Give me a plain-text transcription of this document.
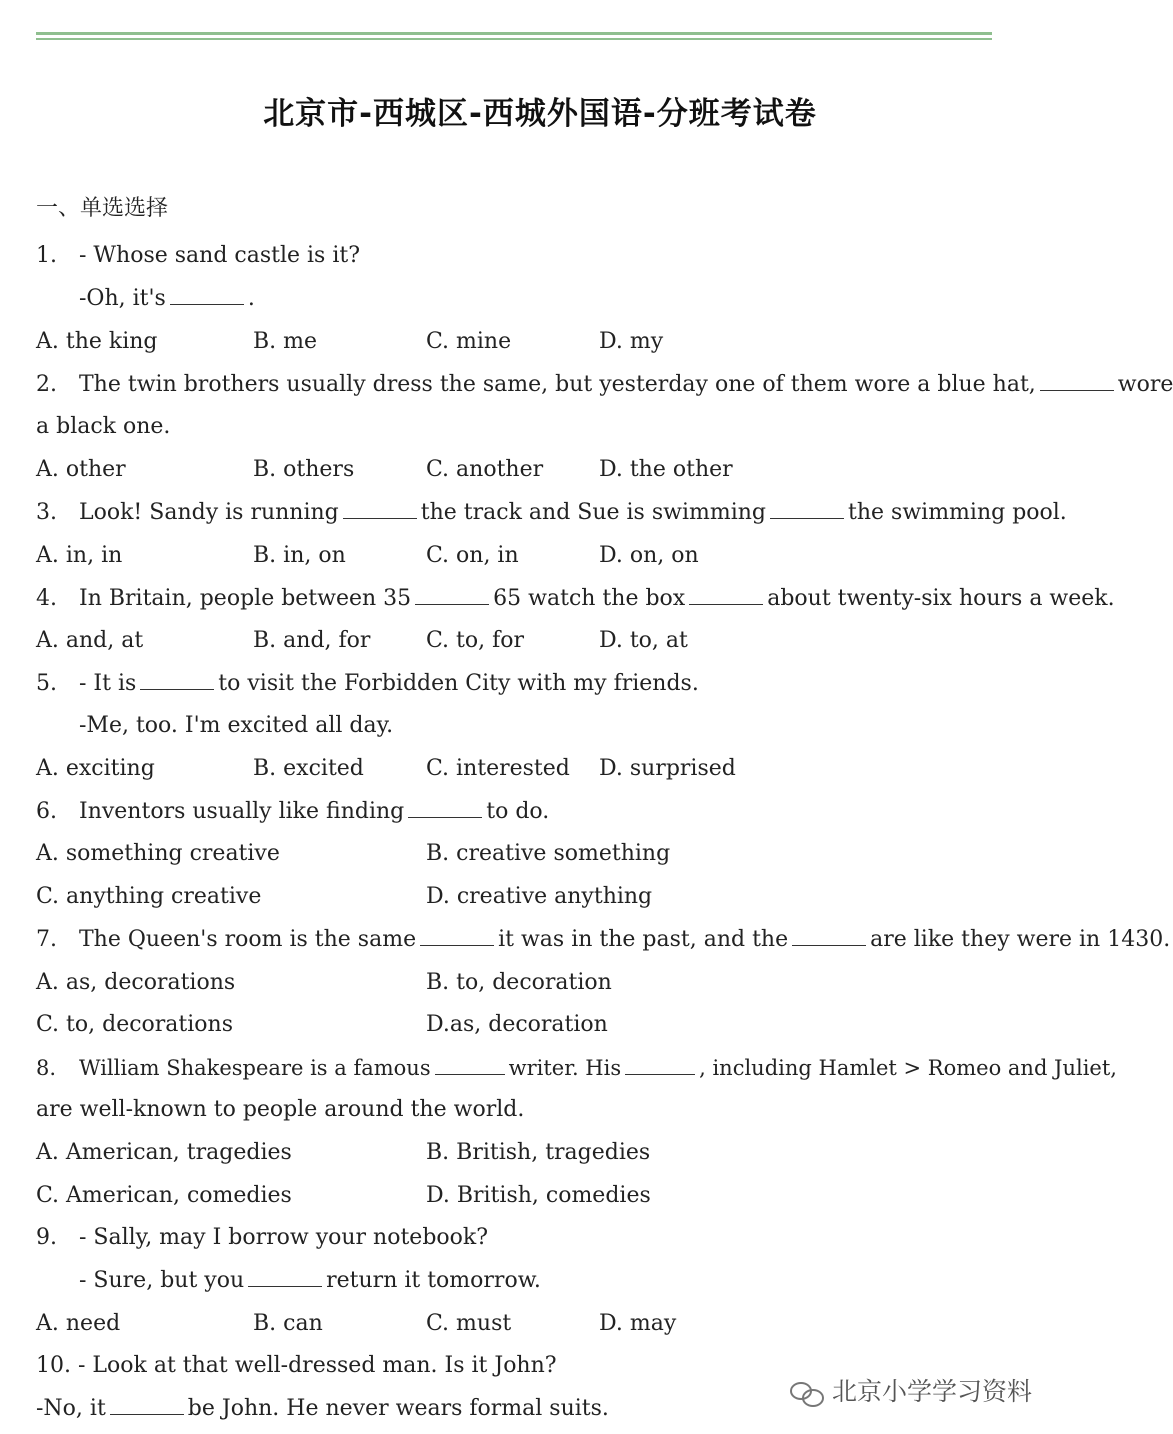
北京市-西城区-西城外国语-分班考试卷
一、单选选择
1. - Whose sand castle is it?
-Oh, it's	.
A. the king	B. me	C. mine	D. my
2. The twin brothers usually dress the same, but yesterday one of them wore a blue hat,	wore
a black one.
A. other	B. others	C. another	D. the other
3. Look! Sandy is running	the track and Sue is swimming	the swimming pool.
A. in, in	B. in, on	C. on, in	D. on, on
4. In Britain, people between 35	65 watch the box	about twenty-six hours a week.
A. and, at	B. and, for	C. to, for	D. to, at
5. - It is	to visit the Forbidden City with my friends.
-Me, too. I'm excited all day.
A. exciting	B. excited	C. interested D. surprised
6. Inventors usually like finding	to do.
A. something creative	B. creative something
C. anything creative	D. creative anything
7. The Queen's room is the same	it was in the past, and the	are like they were in 1430.
A. as, decorations	B. to, decoration
C. to, decorations	D.as, decoration
8. William Shakespeare is a famous	writer. His	, including Hamlet > Romeo and Juliet,
are well-known to people around the world.
A. American, tragedies	B. British, tragedies
C. American, comedies	D. British, comedies
9. - Sally, may I borrow your notebook?
- Sure, but you	return it tomorrow.
A. need	B. can	C. must	D. may
10. - Look at that well-dressed man. Is it John?
-No, it	be John. He never wears formal suits.
北京小学学习资料
